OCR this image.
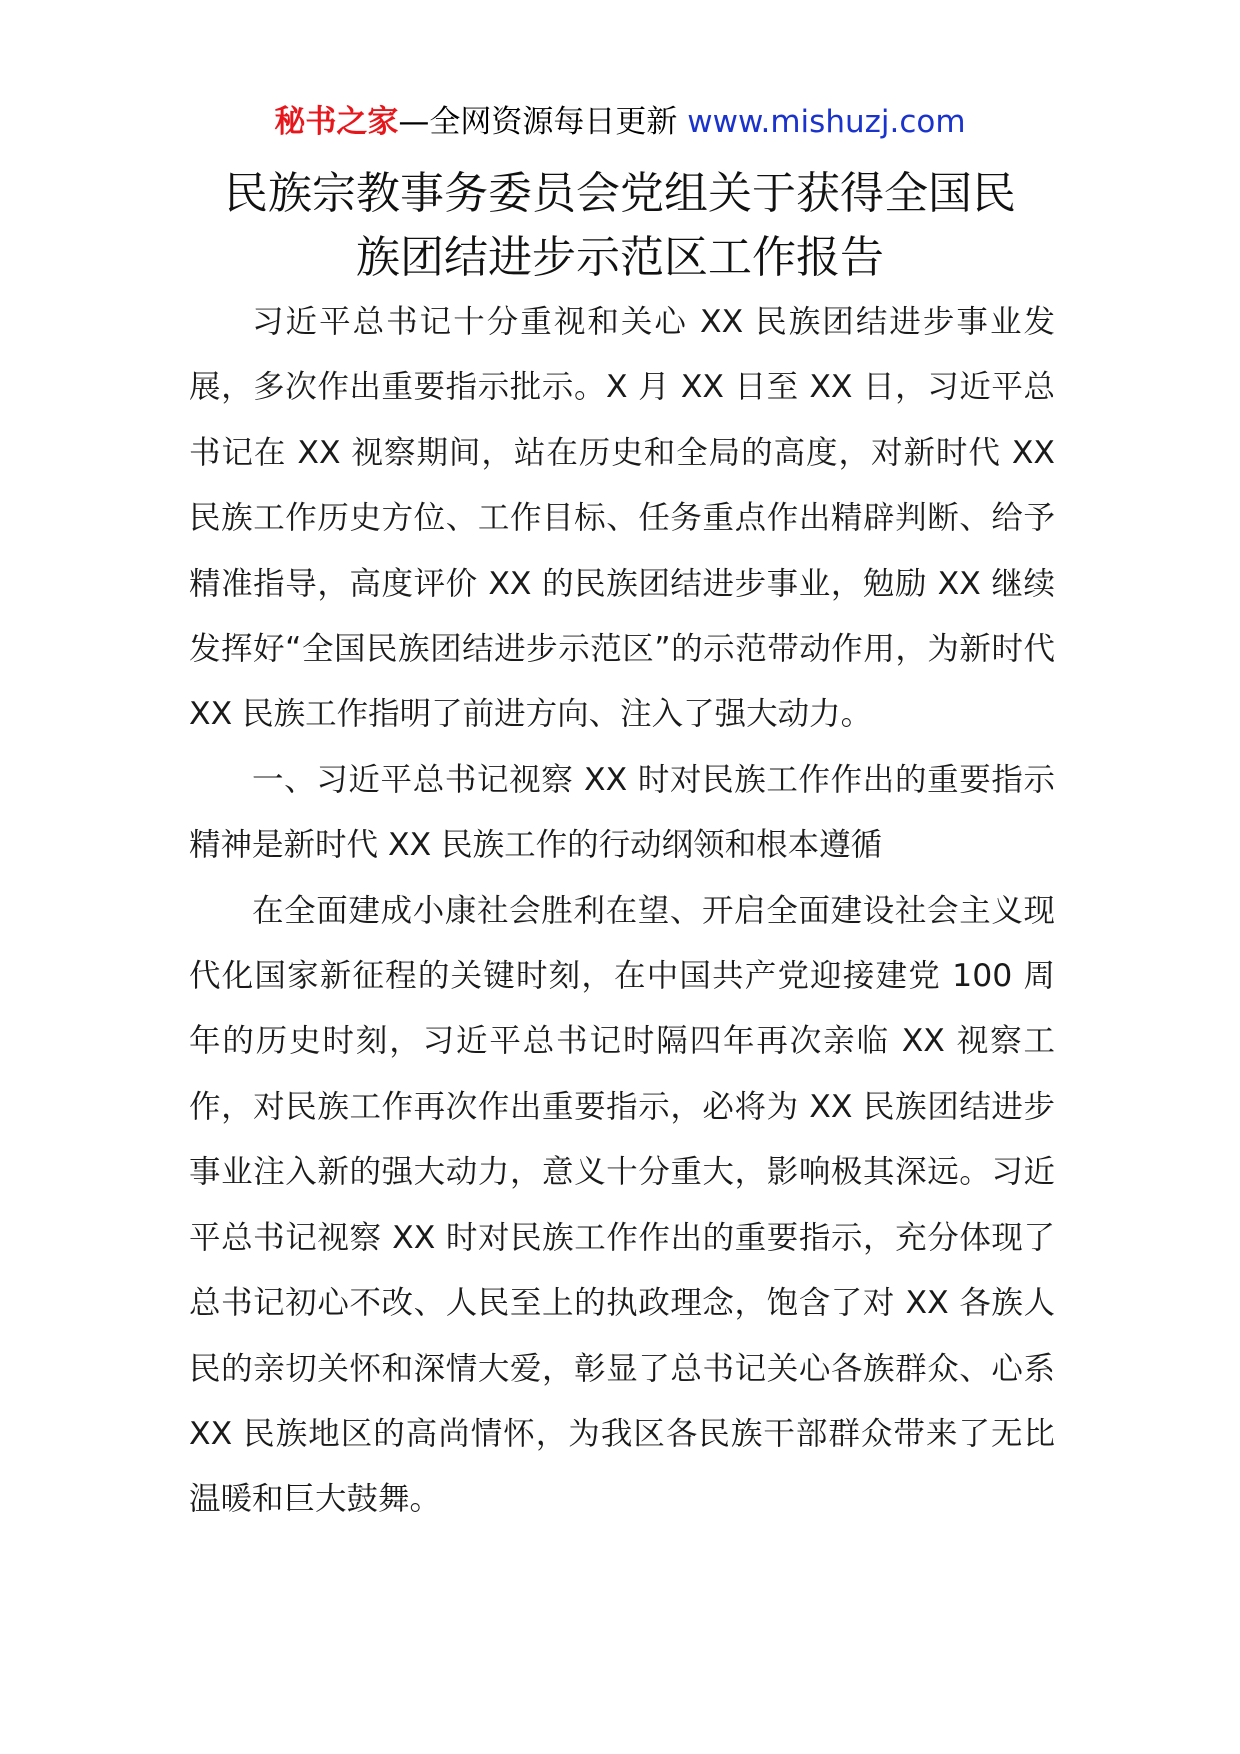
秘书之家—全网资源每日更新 www.mishuzj.com
民族宗教事务委员会党组关于获得全国民
族团结进步示范区工作报告

习近平总书记十分重视和关心 XX 民族团结进步事业发展，多次作出重要指示批示。X 月 XX 日至 XX 日，习近平总书记在 XX 视察期间，站在历史和全局的高度，对新时代 XX 民族工作历史方位、工作目标、任务重点作出精辟判断、给予精准指导，高度评价 XX 的民族团结进步事业，勉励 XX 继续发挥好“全国民族团结进步示范区”的示范带动作用，为新时代 XX 民族工作指明了前进方向、注入了强大动力。

一、习近平总书记视察 XX 时对民族工作作出的重要指示精神是新时代 XX 民族工作的行动纲领和根本遵循

在全面建成小康社会胜利在望、开启全面建设社会主义现代化国家新征程的关键时刻，在中国共产党迎接建党 100 周年的历史时刻，习近平总书记时隔四年再次亲临 XX 视察工作，对民族工作再次作出重要指示，必将为 XX 民族团结进步事业注入新的强大动力，意义十分重大，影响极其深远。习近平总书记视察 XX 时对民族工作作出的重要指示，充分体现了总书记初心不改、人民至上的执政理念，饱含了对 XX 各族人民的亲切关怀和深情大爱，彰显了总书记关心各族群众、心系 XX 民族地区的高尚情怀，为我区各民族干部群众带来了无比温暖和巨大鼓舞。
